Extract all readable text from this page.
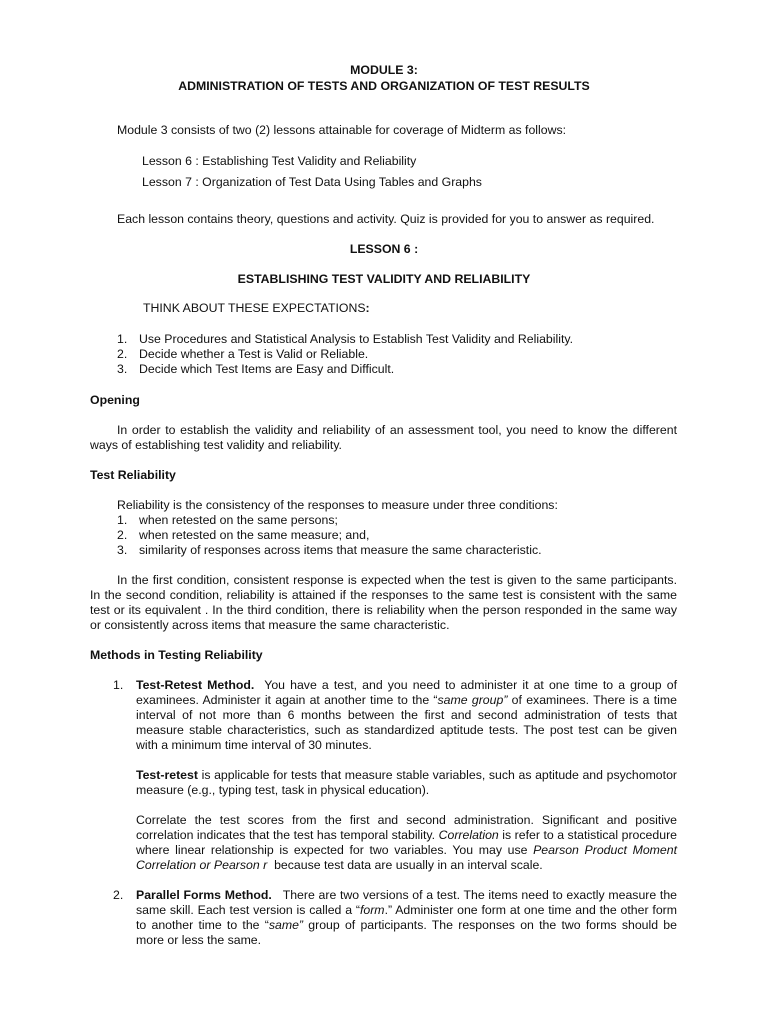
MODULE 3:
ADMINISTRATION OF TESTS AND ORGANIZATION OF TEST RESULTS
Module 3 consists of two (2) lessons attainable for coverage of Midterm as follows:
Lesson 6 : Establishing Test Validity and Reliability
Lesson 7 : Organization of Test Data Using Tables and Graphs
Each lesson contains theory, questions and activity. Quiz is provided for you to answer as required.
LESSON 6 :
ESTABLISHING TEST VALIDITY AND RELIABILITY
THINK ABOUT THESE EXPECTATIONS:
1. Use Procedures and Statistical Analysis to Establish Test Validity and Reliability.
2. Decide whether a Test is Valid or Reliable.
3. Decide which Test Items are Easy and Difficult.
Opening
In order to establish the validity and reliability of an assessment tool, you need to know the different ways of establishing test validity and reliability.
Test Reliability
Reliability is the consistency of the responses to measure under three conditions:
1. when retested on the same persons;
2. when retested on the same measure; and,
3. similarity of responses across items that measure the same characteristic.
In the first condition, consistent response is expected when the test is given to the same participants. In the second condition, reliability is attained if the responses to the same test is consistent with the same test or its equivalent . In the third condition, there is reliability when the person responded in the same way or consistently across items that measure the same characteristic.
Methods in Testing Reliability
1. Test-Retest Method.  You have a test, and you need to administer it at one time to a group of examinees. Administer it again at another time to the “same group” of examinees. There is a time interval of not more than 6 months between the first and second administration of tests that measure stable characteristics, such as standardized aptitude tests. The post test can be given with a minimum time interval of 30 minutes.

Test-retest is applicable for tests that measure stable variables, such as aptitude and psychomotor measure (e.g., typing test, task in physical education).

Correlate the test scores from the first and second administration. Significant and positive correlation indicates that the test has temporal stability. Correlation is refer to a statistical procedure where linear relationship is expected for two variables. You may use Pearson Product Moment Correlation or Pearson r  because test data are usually in an interval scale.

2. Parallel Forms Method.   There are two versions of a test. The items need to exactly measure the same skill. Each test version is called a “form.” Administer one form at one time and the other form to another time to the “same” group of participants. The responses on the two forms should be more or less the same.
